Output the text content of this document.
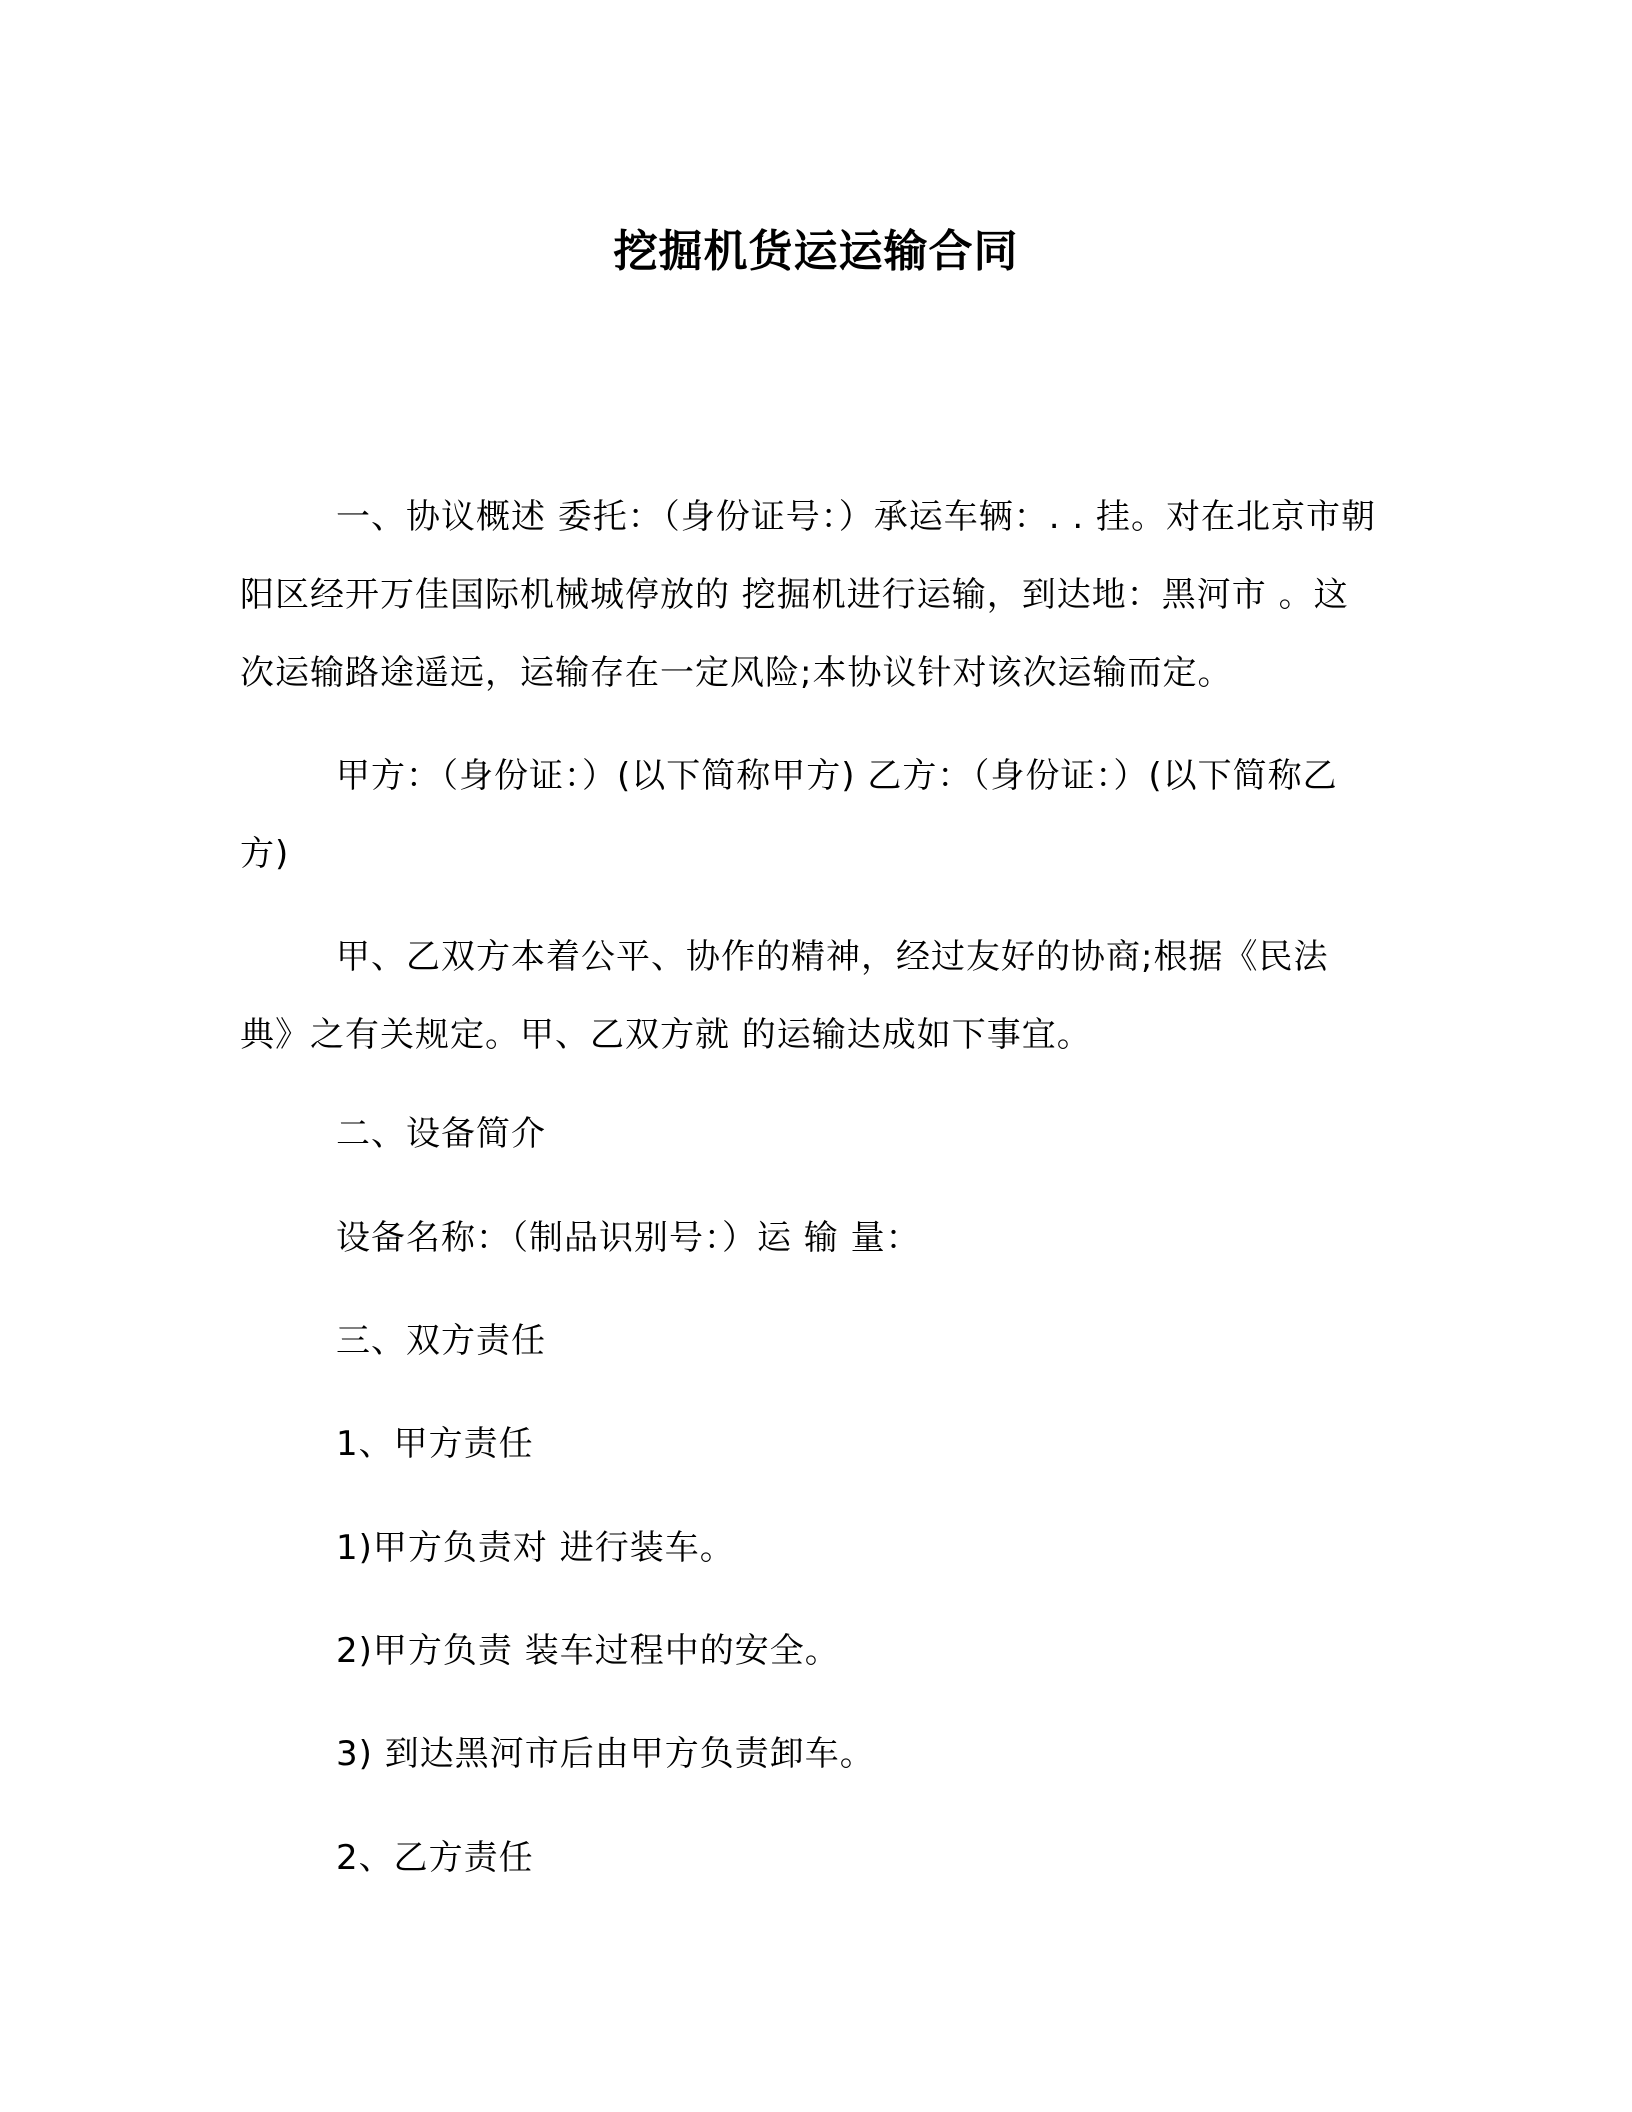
挖掘机货运运输合同
一、协议概述 委托：（身份证号：）承运车辆：. . 挂。对在北京市朝阳区经开万佳国际机械城停放的 挖掘机进行运输，到达地：黑河市 。这次运输路途遥远，运输存在一定风险;本协议针对该次运输而定。
甲方：（身份证：）(以下简称甲方) 乙方：（身份证：）(以下简称乙方)
甲、乙双方本着公平、协作的精神，经过友好的协商;根据《民法典》之有关规定。甲、乙双方就 的运输达成如下事宜。
二、设备简介
设备名称：（制品识别号：）运 输 量：
三、双方责任
1、甲方责任
1)甲方负责对 进行装车。
2)甲方负责 装车过程中的安全。
3) 到达黑河市后由甲方负责卸车。
2、乙方责任
